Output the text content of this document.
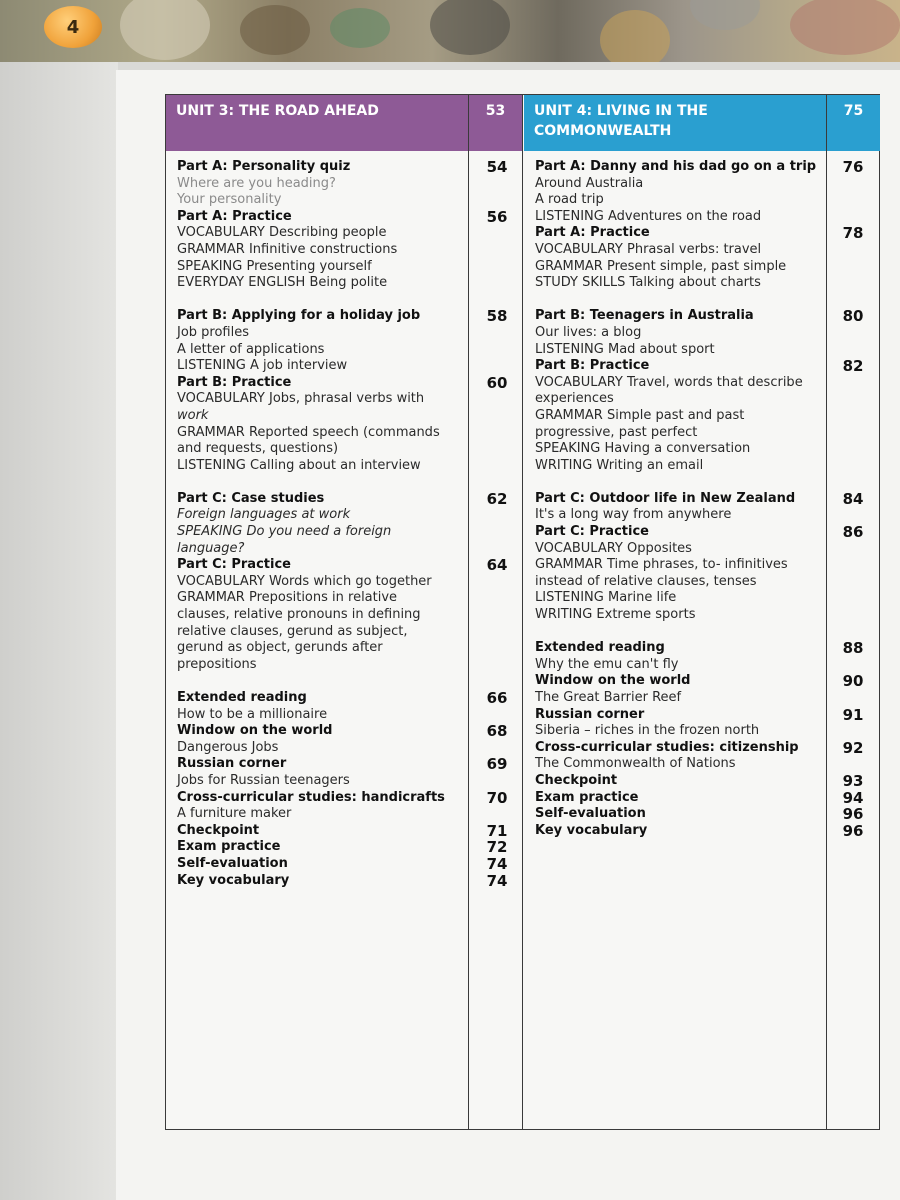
4
UNIT 3: THE ROAD AHEAD	53	UNIT 4: LIVING IN THE
COMMONWEALTH
75
Part A: Personality quiz
Where are you heading?
Your personality
Part A: Practice
VOCABULARY Describing people
GRAMMAR Infinitive constructions
SPEAKING Presenting yourself
EVERYDAY ENGLISH Being polite
Part B: Applying for a holiday job
Job profiles
A letter of applications
LISTENING A job interview
Part B: Practice
VOCABULARY Jobs, phrasal verbs with
work
GRAMMAR Reported speech (commands
and requests, questions)
LISTENING Calling about an interview
Part C: Case studies
Foreign languages at work
SPEAKING Do you need a foreign
language?
Part C: Practice
VOCABULARY Words which go together
GRAMMAR Prepositions in relative
clauses, relative pronouns in defining
relative clauses, gerund as subject,
gerund as object, gerunds after
prepositions
Extended reading
How to be a millionaire
Window on the world
Dangerous Jobs
Russian corner
Jobs for Russian teenagers
Cross-curricular studies: handicrafts
A furniture maker
Checkpoint
Exam practice
Self-evaluation
Key vocabulary
54
56
58
60
62
64
66
68
69
70
71
72
74
74
Part A: Danny and his dad go on a trip
Around Australia
A road trip
LISTENING Adventures on the road
Part A: Practice
VOCABULARY Phrasal verbs: travel
GRAMMAR Present simple, past simple
STUDY SKILLS Talking about charts
Part B: Teenagers in Australia
Our lives: a blog
LISTENING Mad about sport
Part B: Practice
VOCABULARY Travel, words that describe
experiences
GRAMMAR Simple past and past
progressive, past perfect
SPEAKING Having a conversation
WRITING Writing an email
Part C: Outdoor life in New Zealand
It's a long way from anywhere
Part C: Practice
VOCABULARY Opposites
GRAMMAR Time phrases, to- infinitives
instead of relative clauses, tenses
LISTENING Marine life
WRITING Extreme sports
Extended reading
Why the emu can't fly
Window on the world
The Great Barrier Reef
Russian corner
Siberia – riches in the frozen north
Cross-curricular studies: citizenship
The Commonwealth of Nations
Checkpoint
Exam practice
Self-evaluation
Key vocabulary
76
78
80
82
84
86
88
90
91
92
93
94
96
96
